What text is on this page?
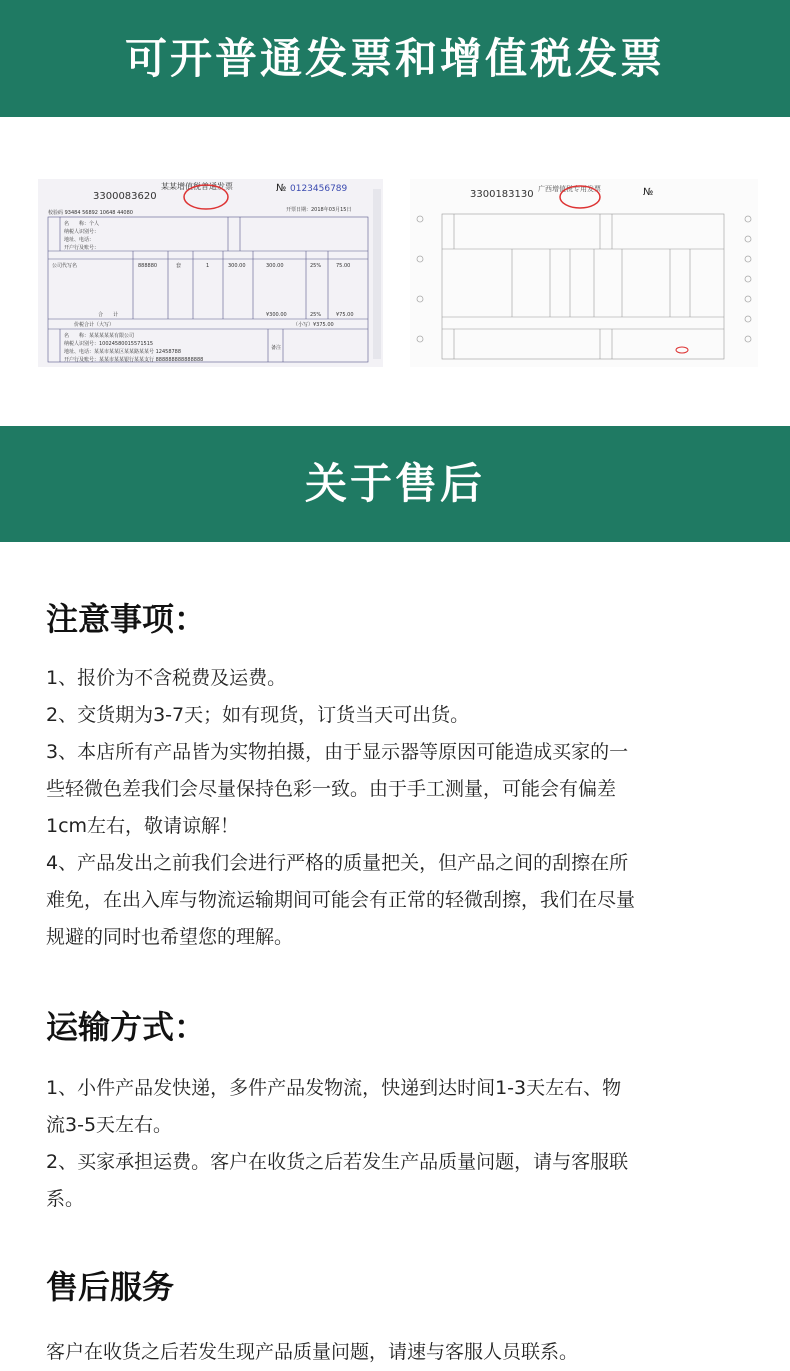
可开普通发票和增值税发票
3300083620
某某增值税普通发票	№ 0123456789
开票日期：2018年03月15日
校验码 93484 56892 10648 44080
名　　称：个人
纳税人识别号：
地址、电话：
开户行及账号：
公司代写名	888880	套	1	300.00	300.00	25%	75.00
合　　计	¥300.00	25%	¥75.00
价税合计（大写）	（小写）¥375.00
名　　称：某某某某某有限公司
纳税人识别号：10024580015571515
地址、电话：某某市某某区某某路某某号 12458788
开户行及账号：某某市某某银行某某支行 888888888888888
备注
3300183130 广西增值税专用发票	№
关于售后
注意事项：

1、报价为不含税费及运费。

2、交货期为3-7天；如有现货，订货当天可出货。

3、本店所有产品皆为实物拍摄，由于显示器等原因可能造成买家的一

些轻微色差我们会尽量保持色彩一致。由于手工测量，可能会有偏差

1cm左右，敬请谅解！

4、产品发出之前我们会进行严格的质量把关，但产品之间的刮擦在所

难免，在出入库与物流运输期间可能会有正常的轻微刮擦，我们在尽量

规避的同时也希望您的理解。

运输方式：

1、小件产品发快递，多件产品发物流，快递到达时间1-3天左右、物

流3-5天左右。

2、买家承担运费。客户在收货之后若发生产品质量问题，请与客服联

系。

售后服务

客户在收货之后若发生现产品质量问题，请速与客服人员联系。
